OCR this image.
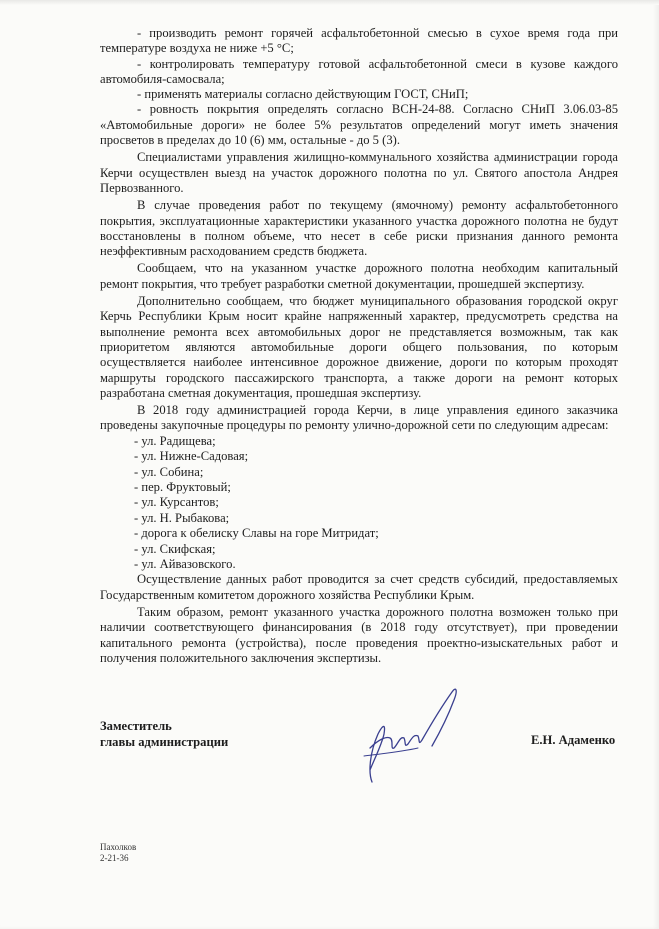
- производить ремонт горячей асфальтобетонной смесью в сухое время года при температуре воздуха не ниже +5 °С;

- контролировать температуру готовой асфальтобетонной смеси в кузове каждого автомобиля-самосвала;

- применять материалы согласно действующим ГОСТ, СНиП;

- ровность покрытия определять согласно ВСН-24-88. Согласно СНиП 3.06.03-85 «Автомобильные дороги» не более 5% результатов определений могут иметь значения просветов в пределах до 10 (6) мм, остальные - до 5 (3).

Специалистами управления жилищно-коммунального хозяйства администрации города Керчи осуществлен выезд на участок дорожного полотна по ул. Святого апостола Андрея Первозванного.

В случае проведения работ по текущему (ямочному) ремонту асфальтобетонного покрытия, эксплуатационные характеристики указанного участка дорожного полотна не будут восстановлены в полном объеме, что несет в себе риски признания данного ремонта неэффективным расходованием средств бюджета.

Сообщаем, что на указанном участке дорожного полотна необходим капитальный ремонт покрытия, что требует разработки сметной документации, прошедшей экспертизу.

Дополнительно сообщаем, что бюджет муниципального образования городской округ Керчь Республики Крым носит крайне напряженный характер, предусмотреть средства на выполнение ремонта всех автомобильных дорог не представляется возможным, так как приоритетом являются автомобильные дороги общего пользования, по которым осуществляется наиболее интенсивное дорожное движение, дороги по которым проходят маршруты городского пассажирского транспорта, а также дороги на ремонт которых разработана сметная документация, прошедшая экспертизу.

В 2018 году администрацией города Керчи, в лице управления единого заказчика проведены закупочные процедуры по ремонту улично-дорожной сети по следующим адресам:

- ул. Радищева;
- ул. Нижне-Садовая;
- ул. Собина;
- пер. Фруктовый;
- ул. Курсантов;
- ул. Н. Рыбакова;
- дорога к обелиску Славы на горе Митридат;
- ул. Скифская;
- ул. Айвазовского.

Осуществление данных работ проводится за счет средств субсидий, предоставляемых Государственным комитетом дорожного хозяйства Республики Крым.

Таким образом, ремонт указанного участка дорожного полотна возможен только при наличии соответствующего финансирования (в 2018 году отсутствует), при проведении капитального ремонта (устройства), после проведения проектно-изыскательных работ и получения положительного заключения экспертизы.

Заместитель
главы администрации	Е.Н. Адаменко
Пахолков
2-21-36
